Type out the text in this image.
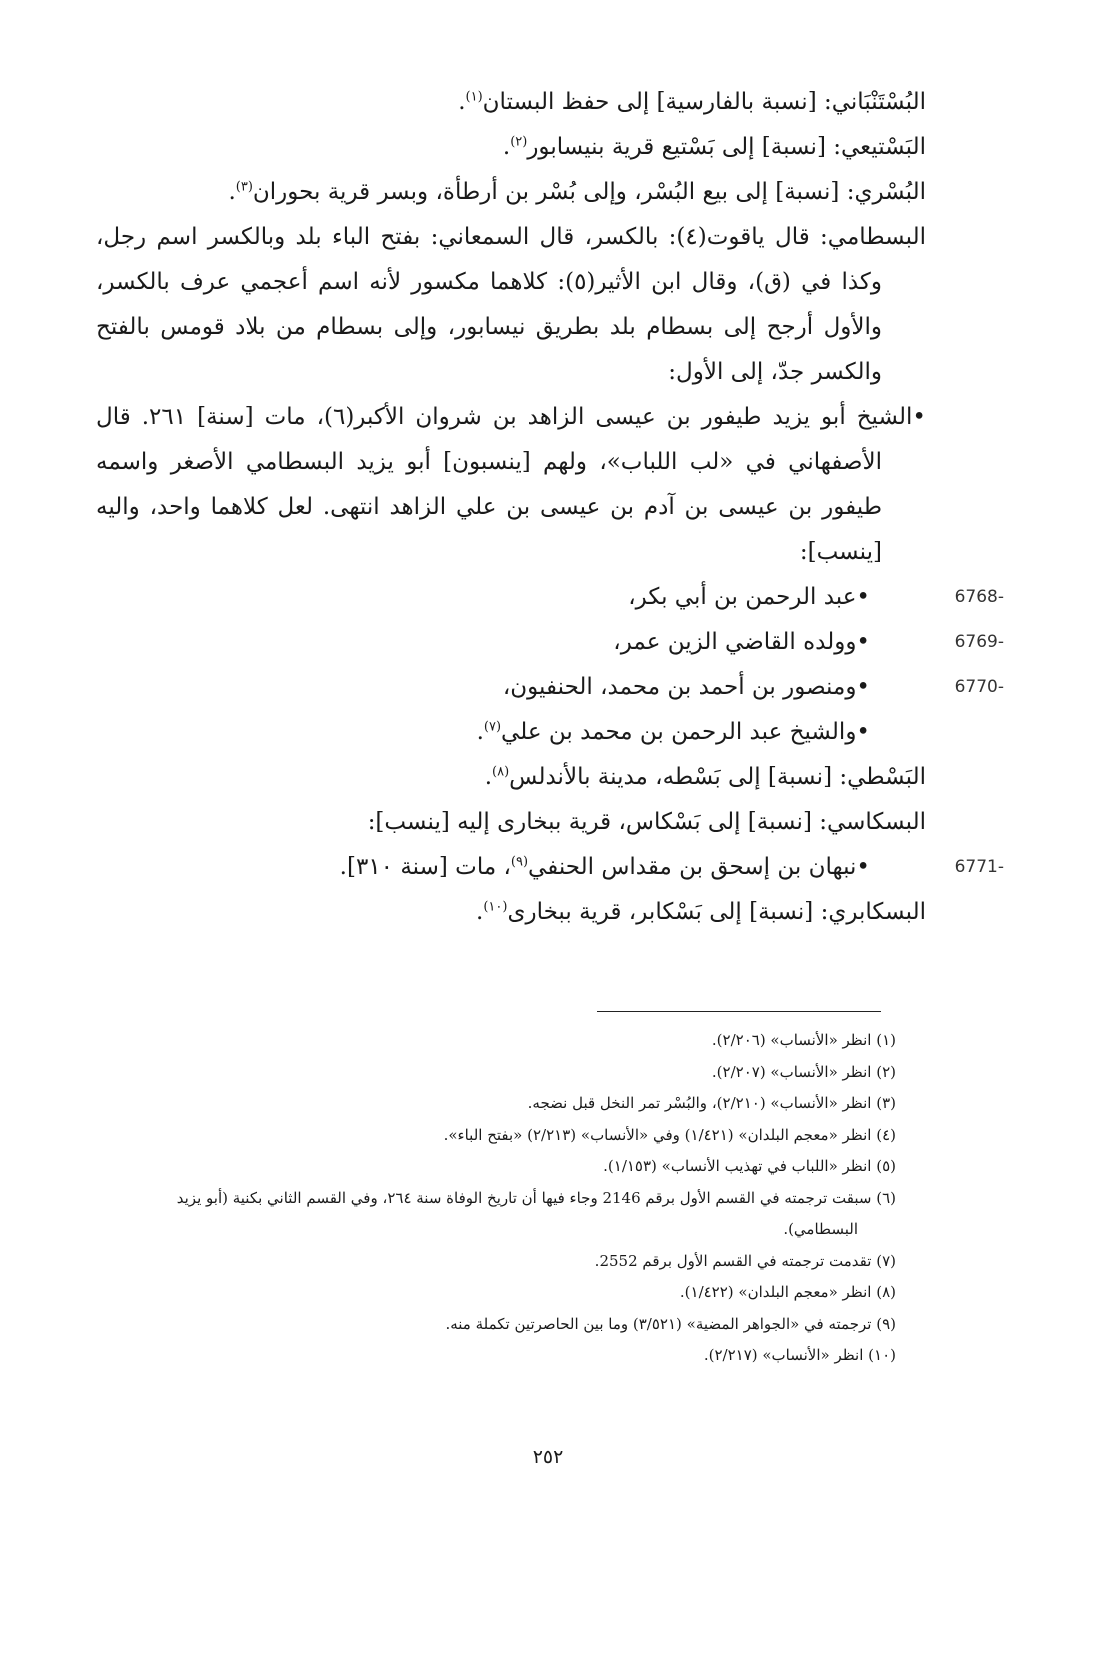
البُسْتَنْبَاني: [نسبة بالفارسية] إلى حفظ البستان$^{(١)}$.

البَسْتيعي: [نسبة] إلى بَسْتيع قرية بنيسابور$^{(٢)}$.

البُسْري: [نسبة] إلى بيع البُسْر، وإلى بُسْر بن أرطأة، وبسر قرية بحوران$^{(٣)}$.

البسطامي: قال ياقوت(٤): بالكسر، قال السمعاني: بفتح الباء بلد وبالكسر اسم رجل، وكذا في (ق)، وقال ابن الأثير(٥): كلاهما مكسور لأنه اسم أعجمي عرف بالكسر، والأول أرجح إلى بسطام بلد بطريق نيسابور، وإلى بسطام من بلاد قومس بالفتح والكسر جدّ، إلى الأول:

•الشيخ أبو يزيد طيفور بن عيسى الزاهد بن شروان الأكبر(٦)، مات [سنة] ٢٦١. قال الأصفهاني في «لب اللباب»، ولهم [ينسبون] أبو يزيد البسطامي الأصغر واسمه طيفور بن عيسى بن آدم بن عيسى بن علي الزاهد انتهى. لعل كلاهما واحد، واليه [ينسب]:

6768-
•عبد الرحمن بن أبي بكر،

6769-
•وولده القاضي الزين عمر،

6770-
•ومنصور بن أحمد بن محمد، الحنفيون،

•والشيخ عبد الرحمن بن محمد بن علي$^{(٧)}$.

البَسْطي: [نسبة] إلى بَسْطه، مدينة بالأندلس$^{(٨)}$.

البسكاسي: [نسبة] إلى بَسْكاس، قرية ببخارى إليه [ينسب]:

6771-
•نبهان بن إسحق بن مقداس الحنفي$^{(٩)}$، مات [سنة ٣١٠].

البسكابري: [نسبة] إلى بَسْكابر، قرية ببخارى$^{(١٠)}$.

(١) انظر «الأنساب» (٢/٢٠٦).

(٢) انظر «الأنساب» (٢/٢٠٧).

(٣) انظر «الأنساب» (٢/٢١٠)، والبُسْر تمر النخل قبل نضجه.

(٤) انظر «معجم البلدان» (١/٤٢١) وفي «الأنساب» (٢/٢١٣) «بفتح الباء».

(٥) انظر «اللباب في تهذيب الأنساب» (١/١٥٣).

(٦) سبقت ترجمته في القسم الأول برقم 2146 وجاء فيها أن تاريخ الوفاة سنة ٢٦٤، وفي القسم الثاني بكنية (أبو يزيد البسطامي).

(٧) تقدمت ترجمته في القسم الأول برقم 2552.

(٨) انظر «معجم البلدان» (١/٤٢٢).

(٩) ترجمته في «الجواهر المضية» (٣/٥٢١) وما بين الحاصرتين تكملة منه.

(١٠) انظر «الأنساب» (٢/٢١٧).

٢٥٢
